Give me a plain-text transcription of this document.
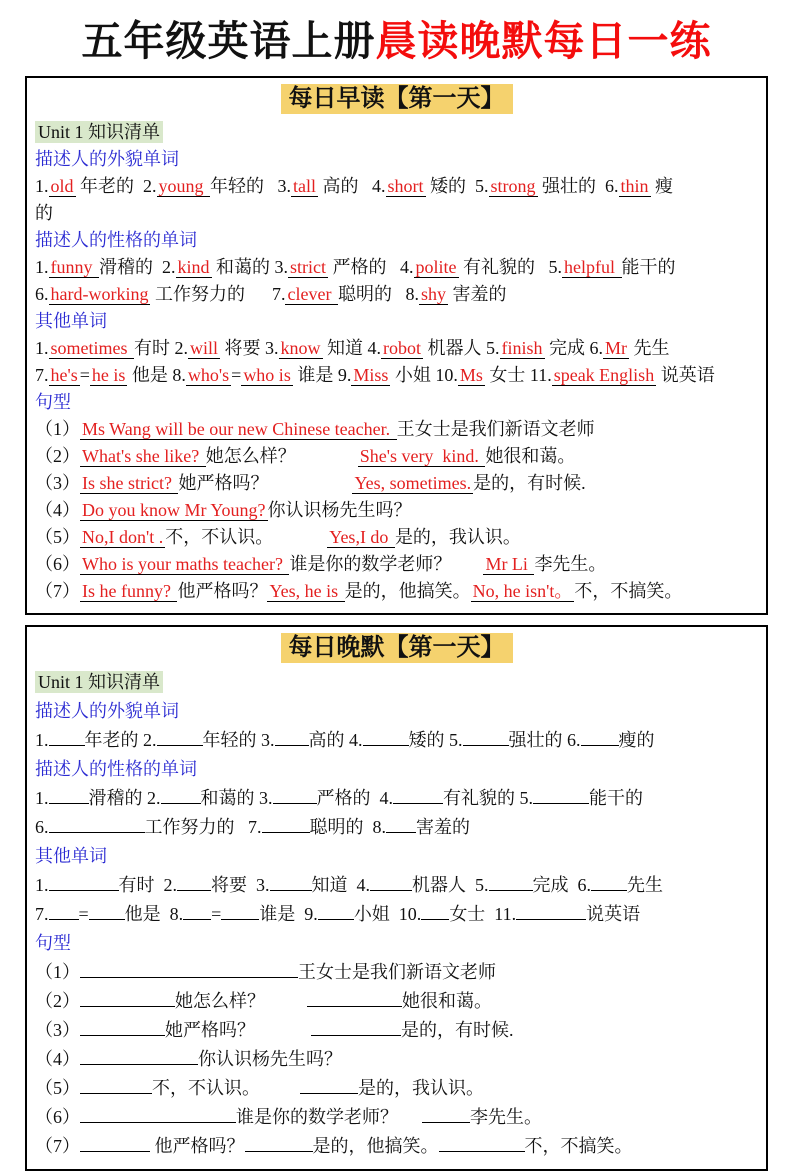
五年级英语上册晨读晚默每日一练
每日早读【第一天】
Unit 1 知识清单
描述人的外貌单词
1. old 年老的  2. young 年轻的   3. tall 高的   4. short 矮的  5. strong 强壮的  6. thin 瘦
的
描述人的性格的单词
1. funny 滑稽的  2. kind 和蔼的 3. strict 严格的   4. polite 有礼貌的   5. helpful 能干的
6. hard-working 工作努力的      7. clever 聪明的   8. shy 害羞的
其他单词
1. sometimes 有时 2. will 将要 3. know 知道 4. robot 机器人 5. finish 完成 6. Mr 先生
7. he's = he is 他是 8. who's = who is 谁是 9. Miss 小姐 10. Ms 女士 11. speak English 说英语
句型
（1） Ms Wang will be our new Chinese teacher. 王女士是我们新语文老师
（2） What's she like? 她怎么样？	She's very  kind. 她很和蔼。
（3） Is she strict? 她严格吗？	Yes, sometimes. 是的，有时候.
（4） Do you know Mr Young? 你认识杨先生吗？
（5） No,I don't . 不，不认识。	Yes,I do 是的，我认识。
（6） Who is your maths teacher? 谁是你的数学老师？ Mr Li 李先生。
（7） Is he funny? 他严格吗？ Yes, he is 是的，他搞笑。 No, he isn't。 不，不搞笑。
每日晚默【第一天】
Unit 1 知识清单
描述人的外貌单词
1. 年老的 2.	年轻的 3. 高的 4.	矮的 5.	强壮的 6. 瘦的
描述人的性格的单词
1. 滑稽的 2. 和蔼的 3. 严格的  4.	有礼貌的 5.	能干的
6.	工作努力的   7.	聪明的  8. 害羞的
其他单词
1.	有时  2. 将要  3. 知道  4. 机器人  5. 完成  6. 先生
7. = 他是  8. = 谁是  9. 小姐  10. 女士  11.	说英语
句型
（1）	王女士是我们新语文老师
（2）	她怎么样？	她很和蔼。
（3）	她严格吗？	是的，有时候.
（4）	你认识杨先生吗？
（5）	不，不认识。	是的，我认识。
（6）	谁是你的数学老师？	李先生。
（7）	他严格吗？	是的，他搞笑。	不，不搞笑。
